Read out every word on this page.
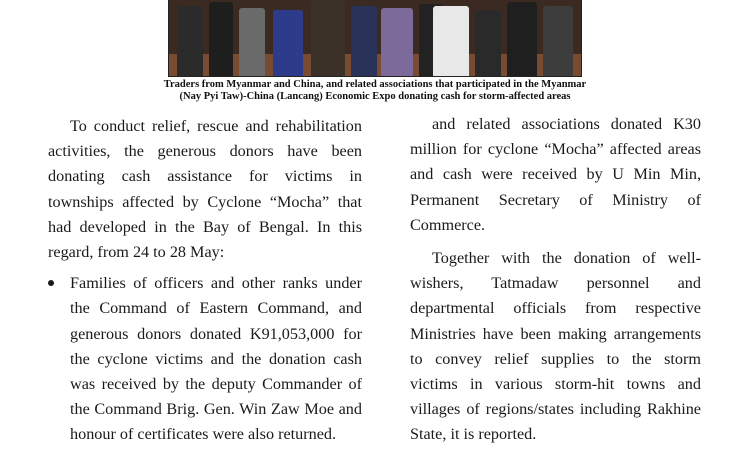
Traders from Myanmar and China, and related associations that participated in the Myanmar
(Nay Pyi Taw)-China (Lancang) Economic Expo donating cash for storm-affected areas

To conduct relief, rescue and rehabilitation activities, the generous donors have been donating cash assistance for victims in townships affected by Cyclone “Mocha” that had developed in the Bay of Bengal. In this regard, from 24 to 28 May:

Families of officers and other ranks under the Command of Eastern Command, and generous donors donated K91,053,000 for the cyclone victims and the donation cash was received by the deputy Commander of the Command Brig. Gen. Win Zaw Moe and honour of certificates were also returned.

and related associations donated K30 million for cyclone “Mocha” affected areas and cash were received by U Min Min, Permanent Secretary of Ministry of Commerce.

Together with the donation of well-wishers, Tatmadaw personnel and departmental officials from respective Ministries have been making arrangements to convey relief supplies to the storm victims in various storm-hit towns and villages of regions/states including Rakhine State, it is reported.
